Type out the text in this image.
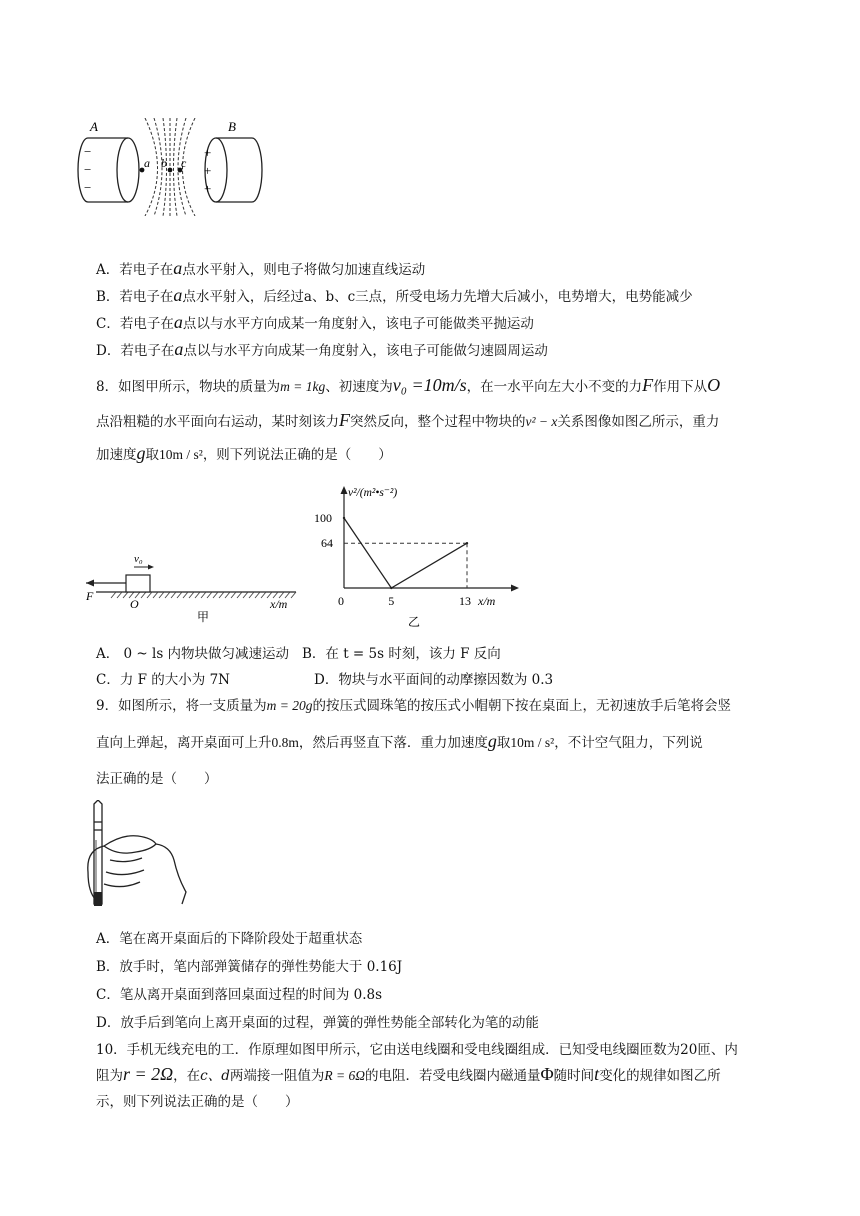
A	B
a b c
−
−
−
+
+
+
A．若电子在a点水平射入，则电子将做匀加速直线运动
B．若电子在a点水平射入，后经过a、b、c三点，所受电场力先增大后减小，电势增大，电势能减少
C．若电子在a点以与水平方向成某一角度射入，该电子可能做类平抛运动
D．若电子在a点以与水平方向成某一角度射入，该电子可能做匀速圆周运动
8．如图甲所示，物块的质量为m = 1kg、初速度为v₀ =10m/s，在一水平向左大小不变的力F作用下从O
点沿粗糙的水平面向右运动，某时刻该力F突然反向，整个过程中物块的v² − x关系图像如图乙所示，重力
加速度g取10m / s²，则下列说法正确的是（　　）
v₀
F
O	x/m
甲
v²/(m²•s⁻²)
100
64
0	5	13 x/m
乙
A． 0 ~ ls 内物块做匀减速运动 B．在 t = 5s 时刻，该力 F 反向
C．力 F 的大小为 7N	D．物块与水平面间的动摩擦因数为 0.3
9．如图所示，将一支质量为m = 20g的按压式圆珠笔的按压式小帽朝下按在桌面上，无初速放手后笔将会竖
直向上弹起，离开桌面可上升0.8m，然后再竖直下落．重力加速度g取10m / s²，不计空气阻力，下列说
法正确的是（　　）
A．笔在离开桌面后的下降阶段处于超重状态
B．放手时，笔内部弹簧储存的弹性势能大于 0.16J
C．笔从离开桌面到落回桌面过程的时间为 0.8s
D．放手后到笔向上离开桌面的过程，弹簧的弹性势能全部转化为笔的动能
10．手机无线充电的工．作原理如图甲所示，它由送电线圈和受电线圈组成．已知受电线圈匝数为20匝、内
阻为r = 2Ω，在c、d两端接一阻值为R = 6Ω的电阻．若受电线圈内磁通量Φ随时间t变化的规律如图乙所
示，则下列说法正确的是（　　）
